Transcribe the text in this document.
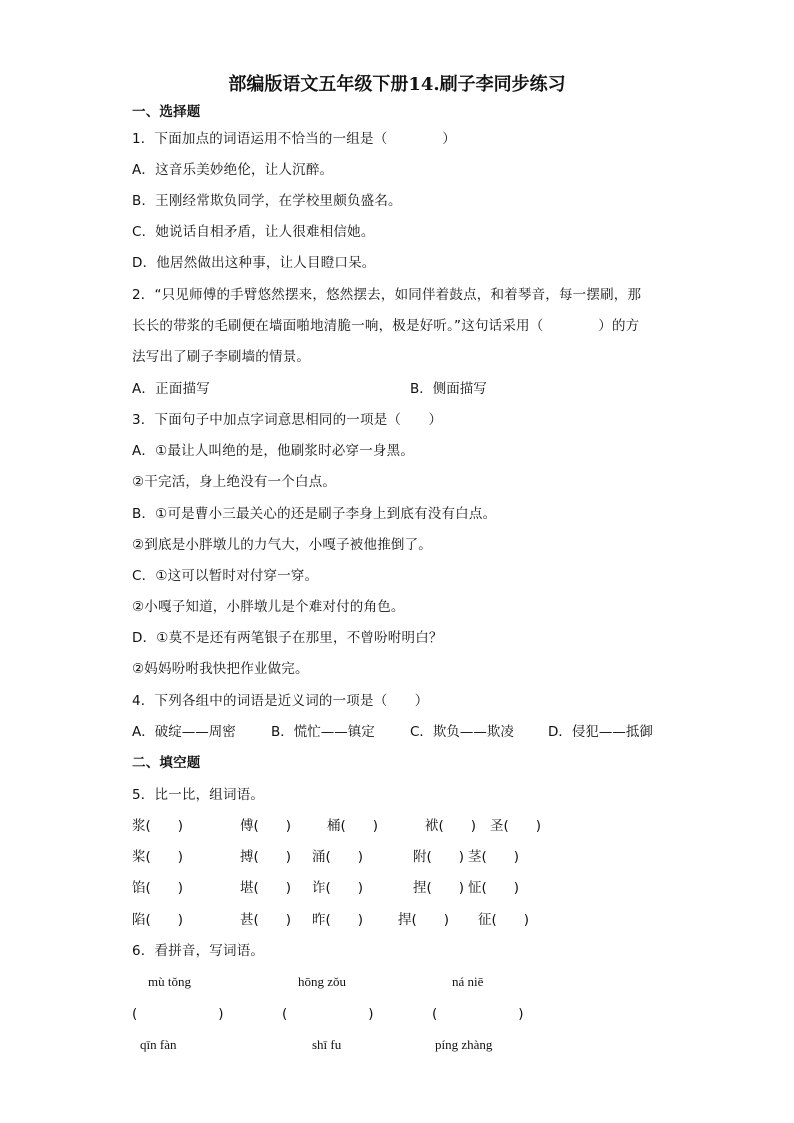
部编版语文五年级下册14.刷子李同步练习
一、选择题
1．下面加点的词语运用不恰当的一组是（　　　　）
A．这音乐美妙绝伦，让人沉醉。
B．王刚经常欺负同学，在学校里颇负盛名。
C．她说话自相矛盾，让人很难相信她。
D．他居然做出这种事，让人目瞪口呆。
2．“只见师傅的手臂悠然摆来，悠然摆去，如同伴着鼓点，和着琴音，每一摆刷，那
长长的带浆的毛刷便在墙面啪地清脆一响，极是好听。”这句话采用（　　　　）的方
法写出了刷子李刷墙的情景。
A．正面描写	B．侧面描写
3．下面句子中加点字词意思相同的一项是（　　）
A．①最让人叫绝的是，他刷浆时必穿一身黑。
②干完活，身上绝没有一个白点。
B．①可是曹小三最关心的还是刷子李身上到底有没有白点。
②到底是小胖墩儿的力气大，小嘎子被他推倒了。
C．①这可以暂时对付穿一穿。
②小嘎子知道，小胖墩儿是个难对付的角色。
D．①莫不是还有两笔银子在那里，不曾吩咐明白？
②妈妈吩咐我快把作业做完。
4．下列各组中的词语是近义词的一项是（　　）
A．破绽——周密	B．慌忙——镇定	C．欺负——欺凌	D．侵犯——抵御
二、填空题
5．比一比，组词语。
浆(　　)	傅(　　)	桶(　　)	袱(　　) 圣(　　)
桨(　　)	搏(　　) 涌(　　)	附(　　) 茎(　　)
馅(　　)	堪(　　) 诈(　　)	捏(　　) 怔(　　)
陷(　　)	甚(　　) 昨(　　)	捍(　　) 征(　　)
6．看拼音，写词语。
mù tǒng	hōng zǒu	ná niē
(　　　　　　)	(　　　　　　)	(　　　　　　)
qīn fàn	shī fu	píng zhàng
